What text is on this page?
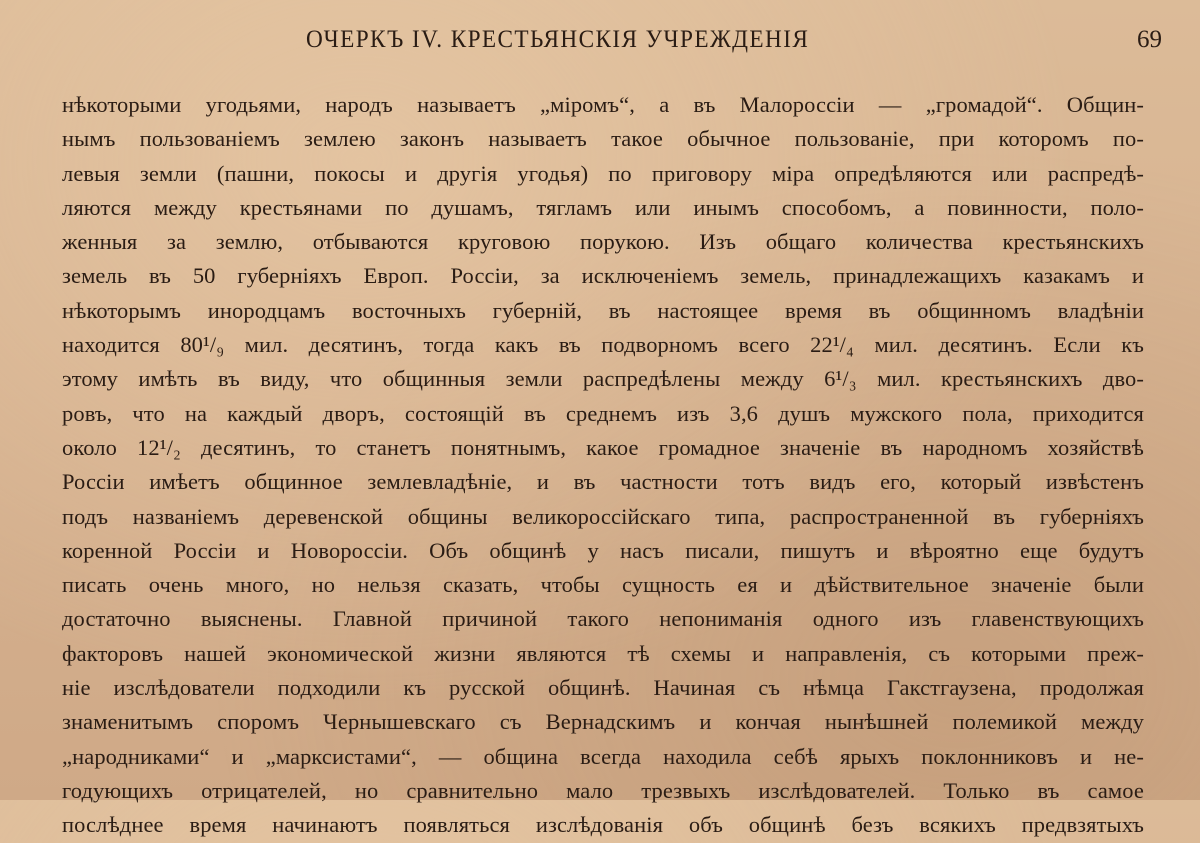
ОЧЕРКЪ IV. КРЕСТЬЯНСКІЯ УЧРЕЖДЕНІЯ	69
нѣкоторыми угодьями, народъ называетъ „міромъ“, а въ Малороссіи — „громадой“. Общин-
нымъ пользованіемъ землею законъ называетъ такое обычное пользованіе, при которомъ по-
левыя земли (пашни, покосы и другія угодья) по приговору міра опредѣляются или распредѣ-
ляются между крестьянами по душамъ, тягламъ или инымъ способомъ, а повинности, поло-
женныя за землю, отбываются круговою порукою. Изъ общаго количества крестьянскихъ
земель въ 50 губерніяхъ Европ. Россіи, за исключеніемъ земель, принадлежащихъ казакамъ и
нѣкоторымъ инородцамъ восточныхъ губерній, въ настоящее время въ общинномъ владѣніи
находится 80¹/₉ мил. десятинъ, тогда какъ въ подворномъ всего 22¹/₄ мил. десятинъ. Если къ
этому имѣть въ виду, что общинныя земли распредѣлены между 6¹/₃ мил. крестьянскихъ дво-
ровъ, что на каждый дворъ, состоящій въ среднемъ изъ 3,6 душъ мужского пола, приходится
около 12¹/₂ десятинъ, то станетъ понятнымъ, какое громадное значеніе въ народномъ хозяйствѣ
Россіи имѣетъ общинное землевладѣніе, и въ частности тотъ видъ его, который извѣстенъ
подъ названіемъ деревенской общины великороссійскаго типа, распространенной въ губерніяхъ
коренной Россіи и Новороссіи. Объ общинѣ у насъ писали, пишутъ и вѣроятно еще будутъ
писать очень много, но нельзя сказать, чтобы сущность ея и дѣйствительное значеніе были
достаточно выяснены. Главной причиной такого непониманія одного изъ главенствующихъ
факторовъ нашей экономической жизни являются тѣ схемы и направленія, съ которыми преж-
ніе изслѣдователи подходили къ русской общинѣ. Начиная съ нѣмца Гакстгаузена, продолжая
знаменитымъ споромъ Чернышевскаго съ Вернадскимъ и кончая нынѣшней полемикой между
„народниками“ и „марксистами“, — община всегда находила себѣ ярыхъ поклонниковъ и не-
годующихъ отрицателей, но сравнительно мало трезвыхъ изслѣдователей. Только въ самое
послѣднее время начинаютъ появляться изслѣдованія объ общинѣ безъ всякихъ предвзятыхъ
